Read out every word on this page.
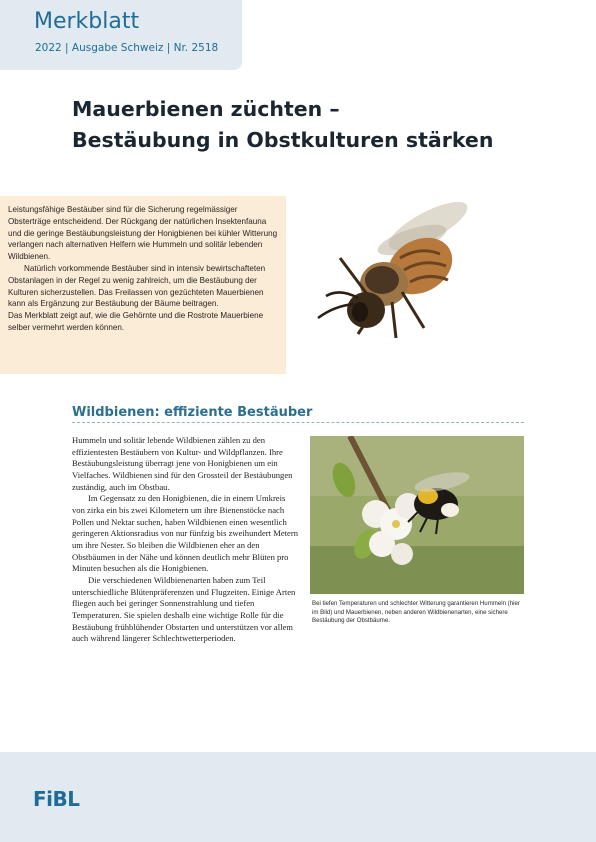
Merkblatt
2022 | Ausgabe Schweiz | Nr. 2518
Mauerbienen züchten –
Bestäubung in Obstkulturen stärken

Leistungsfähige Bestäuber sind für die Sicherung regelmässiger Obsterträge entscheidend. Der Rückgang der natürlichen Insektenfauna und die geringe Bestäubungsleistung der Honigbienen bei kühler Witterung verlangen nach alternativen Helfern wie Hummeln und solitär lebenden Wildbienen.

Natürlich vorkommende Bestäuber sind in intensiv bewirtschafteten Obstanlagen in der Regel zu wenig zahlreich, um die Bestäubung der Kulturen sicherzustellen. Das Freilassen von gezüchteten Mauerbienen kann als Ergänzung zur Bestäubung der Bäume beitragen.

Das Merkblatt zeigt auf, wie die Gehörnte und die Rostrote Mauerbiene selber vermehrt werden können.

Wildbienen: effiziente Bestäuber

Hummeln und solitär lebende Wildbienen zählen zu den effizientesten Bestäubern von Kultur- und Wildpflanzen. Ihre Bestäubungsleistung überragt jene von Honigbienen um ein Vielfaches. Wildbienen sind für den Grossteil der Bestäubungen zuständig, auch im Obstbau.

Im Gegensatz zu den Honigbienen, die in einem Umkreis von zirka ein bis zwei Kilometern um ihre Bienenstöcke nach Pollen und Nektar suchen, haben Wildbienen einen wesentlich geringeren Aktionsradius von nur fünfzig bis zweihundert Metern um ihre Nester. So bleiben die Wildbienen eher an den Obstbäumen in der Nähe und können deutlich mehr Blüten pro Minuten besuchen als die Honigbienen.

Die verschiedenen Wildbienenarten haben zum Teil unterschiedliche Blütenpräferenzen und Flugzeiten. Einige Arten fliegen auch bei geringer Sonnenstrahlung und tiefen Temperaturen. Sie spielen deshalb eine wichtige Rolle für die Bestäubung frühblühender Obstarten und unterstützen vor allem auch während längerer Schlechtwetterperioden.

Bei tiefen Temperaturen und schlechter Witterung garantieren Hummeln (hier im Bild) und Mauerbienen, neben anderen Wildbienenarten, eine sichere Bestäubung der Obstbäume.

FiBL
